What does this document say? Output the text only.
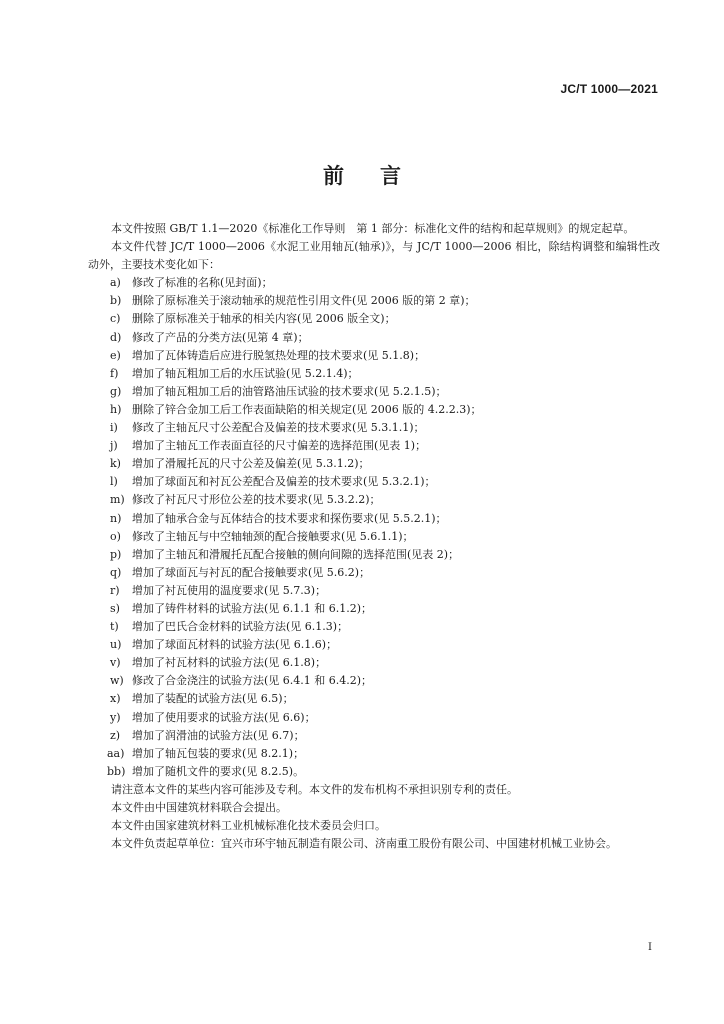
JC/T 1000—2021
前言

本文件按照 GB/T 1.1—2020《标准化工作导则　第 1 部分：标准化文件的结构和起草规则》的规定起草。

本文件代替 JC/T 1000—2006《水泥工业用轴瓦(轴承)》，与 JC/T 1000—2006 相比，除结构调整和编辑性改动外，主要技术变化如下：

a)	修改了标准的名称(见封面)；
b) 删除了原标准关于滚动轴承的规范性引用文件(见 2006 版的第 2 章)；
c)	删除了原标准关于轴承的相关内容(见 2006 版全文)；
d) 修改了产品的分类方法(见第 4 章)；
e)	增加了瓦体铸造后应进行脱氢热处理的技术要求(见 5.1.8)；
f)	增加了轴瓦粗加工后的水压试验(见 5.2.1.4)；
g) 增加了轴瓦粗加工后的油管路油压试验的技术要求(见 5.2.1.5)；
h) 删除了锌合金加工后工作表面缺陷的相关规定(见 2006 版的 4.2.2.3)；
i)	修改了主轴瓦尺寸公差配合及偏差的技术要求(见 5.3.1.1)；
j)	增加了主轴瓦工作表面直径的尺寸偏差的选择范围(见表 1)；
k)	增加了滑履托瓦的尺寸公差及偏差(见 5.3.1.2)；
l)	增加了球面瓦和衬瓦公差配合及偏差的技术要求(见 5.3.2.1)；
m) 修改了衬瓦尺寸形位公差的技术要求(见 5.3.2.2)；
n) 增加了轴承合金与瓦体结合的技术要求和探伤要求(见 5.5.2.1)；
o)	修改了主轴瓦与中空轴轴颈的配合接触要求(见 5.6.1.1)；
p) 增加了主轴瓦和滑履托瓦配合接触的侧向间隙的选择范围(见表 2)；
q) 增加了球面瓦与衬瓦的配合接触要求(见 5.6.2)；
r)	增加了衬瓦使用的温度要求(见 5.7.3)；
s)	增加了铸件材料的试验方法(见 6.1.1 和 6.1.2)；
t)	增加了巴氏合金材料的试验方法(见 6.1.3)；
u) 增加了球面瓦材料的试验方法(见 6.1.6)；
v)	增加了衬瓦材料的试验方法(见 6.1.8)；
w) 修改了合金浇注的试验方法(见 6.4.1 和 6.4.2)；
x)	增加了装配的试验方法(见 6.5)；
y)	增加了使用要求的试验方法(见 6.6)；
z)	增加了润滑油的试验方法(见 6.7)；
aa) 增加了轴瓦包装的要求(见 8.2.1)；
bb) 增加了随机文件的要求(见 8.2.5)。

请注意本文件的某些内容可能涉及专利。本文件的发布机构不承担识别专利的责任。

本文件由中国建筑材料联合会提出。

本文件由国家建筑材料工业机械标准化技术委员会归口。

本文件负责起草单位：宜兴市环宇轴瓦制造有限公司、济南重工股份有限公司、中国建材机械工业协会。

I
